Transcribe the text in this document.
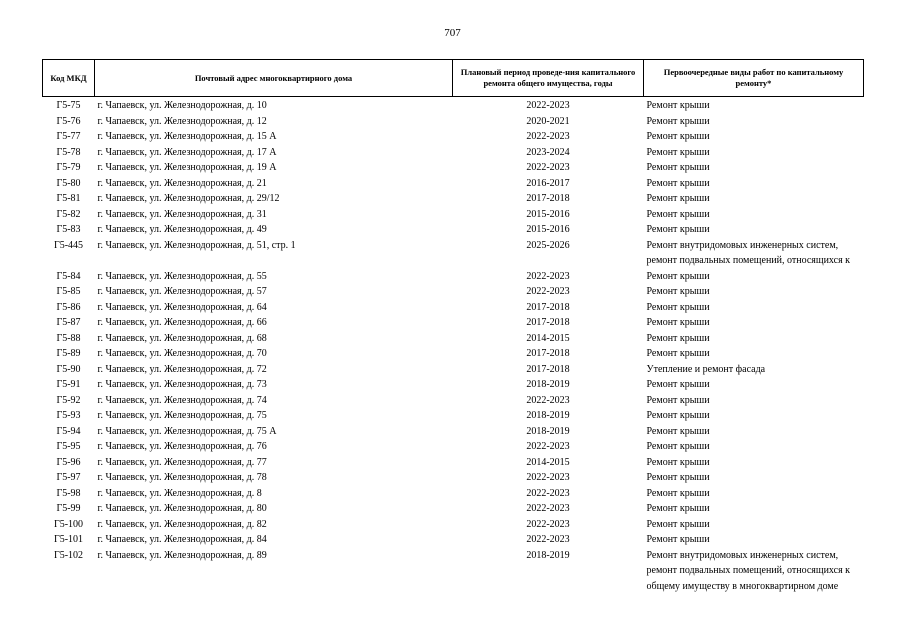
707
Код МКД	Почтовый адрес многоквартирного дома	Плановый период проведе-ния капитального ремонта общего имущества, годы	Первоочередные виды работ по капитальному ремонту*
Г5-75	г. Чапаевск, ул. Железнодорожная, д. 10	2022-2023	Ремонт крыши
Г5-76	г. Чапаевск, ул. Железнодорожная, д. 12	2020-2021	Ремонт крыши
Г5-77	г. Чапаевск, ул. Железнодорожная, д. 15 А	2022-2023	Ремонт крыши
Г5-78	г. Чапаевск, ул. Железнодорожная, д. 17 А	2023-2024	Ремонт крыши
Г5-79	г. Чапаевск, ул. Железнодорожная, д. 19 А	2022-2023	Ремонт крыши
Г5-80	г. Чапаевск, ул. Железнодорожная, д. 21	2016-2017	Ремонт крыши
Г5-81	г. Чапаевск, ул. Железнодорожная, д. 29/12	2017-2018	Ремонт крыши
Г5-82	г. Чапаевск, ул. Железнодорожная, д. 31	2015-2016	Ремонт крыши
Г5-83	г. Чапаевск, ул. Железнодорожная, д. 49	2015-2016	Ремонт крыши
Г5-445	г. Чапаевск, ул. Железнодорожная, д. 51, стр. 1	2025-2026	Ремонт внутридомовых инженерных систем, ремонт подвальных помещений, относящихся к
Г5-84	г. Чапаевск, ул. Железнодорожная, д. 55	2022-2023	Ремонт крыши
Г5-85	г. Чапаевск, ул. Железнодорожная, д. 57	2022-2023	Ремонт крыши
Г5-86	г. Чапаевск, ул. Железнодорожная, д. 64	2017-2018	Ремонт крыши
Г5-87	г. Чапаевск, ул. Железнодорожная, д. 66	2017-2018	Ремонт крыши
Г5-88	г. Чапаевск, ул. Железнодорожная, д. 68	2014-2015	Ремонт крыши
Г5-89	г. Чапаевск, ул. Железнодорожная, д. 70	2017-2018	Ремонт крыши
Г5-90	г. Чапаевск, ул. Железнодорожная, д. 72	2017-2018	Утепление и ремонт фасада
Г5-91	г. Чапаевск, ул. Железнодорожная, д. 73	2018-2019	Ремонт крыши
Г5-92	г. Чапаевск, ул. Железнодорожная, д. 74	2022-2023	Ремонт крыши
Г5-93	г. Чапаевск, ул. Железнодорожная, д. 75	2018-2019	Ремонт крыши
Г5-94	г. Чапаевск, ул. Железнодорожная, д. 75 А	2018-2019	Ремонт крыши
Г5-95	г. Чапаевск, ул. Железнодорожная, д. 76	2022-2023	Ремонт крыши
Г5-96	г. Чапаевск, ул. Железнодорожная, д. 77	2014-2015	Ремонт крыши
Г5-97	г. Чапаевск, ул. Железнодорожная, д. 78	2022-2023	Ремонт крыши
Г5-98	г. Чапаевск, ул. Железнодорожная, д. 8	2022-2023	Ремонт крыши
Г5-99	г. Чапаевск, ул. Железнодорожная, д. 80	2022-2023	Ремонт крыши
Г5-100	г. Чапаевск, ул. Железнодорожная, д. 82	2022-2023	Ремонт крыши
Г5-101	г. Чапаевск, ул. Железнодорожная, д. 84	2022-2023	Ремонт крыши
Г5-102	г. Чапаевск, ул. Железнодорожная, д. 89	2018-2019	Ремонт внутридомовых инженерных систем, ремонт подвальных помещений, относящихся к общему имуществу в многоквартирном доме
